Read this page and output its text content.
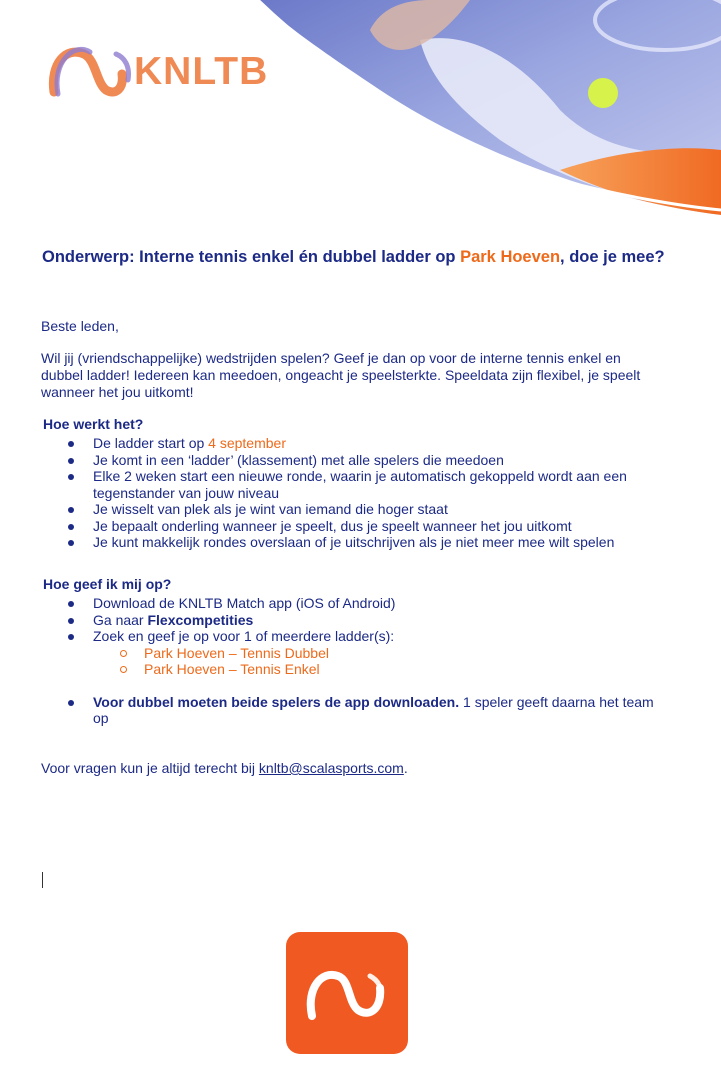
KNLTB
Onderwerp: Interne tennis enkel én dubbel ladder op Park Hoeven, doe je mee?
Beste leden,
Wil jij (vriendschappelijke) wedstrijden spelen? Geef je dan op voor de interne tennis enkel en dubbel ladder! Iedereen kan meedoen, ongeacht je speelsterkte. Speeldata zijn flexibel, je speelt wanneer het jou uitkomt!
Hoe werkt het?
De ladder start op 4 september
Je komt in een ‘ladder’ (klassement) met alle spelers die meedoen
Elke 2 weken start een nieuwe ronde, waarin je automatisch gekoppeld wordt aan een tegenstander van jouw niveau
Je wisselt van plek als je wint van iemand die hoger staat
Je bepaalt onderling wanneer je speelt, dus je speelt wanneer het jou uitkomt
Je kunt makkelijk rondes overslaan of je uitschrijven als je niet meer mee wilt spelen
Hoe geef ik mij op?
Download de KNLTB Match app (iOS of Android)
Ga naar Flexcompetities
Zoek en geef je op voor 1 of meerdere ladder(s):
Park Hoeven – Tennis Dubbel
Park Hoeven – Tennis Enkel
Voor dubbel moeten beide spelers de app downloaden. 1 speler geeft daarna het team op
Voor vragen kun je altijd terecht bij knltb@scalasports.com.
